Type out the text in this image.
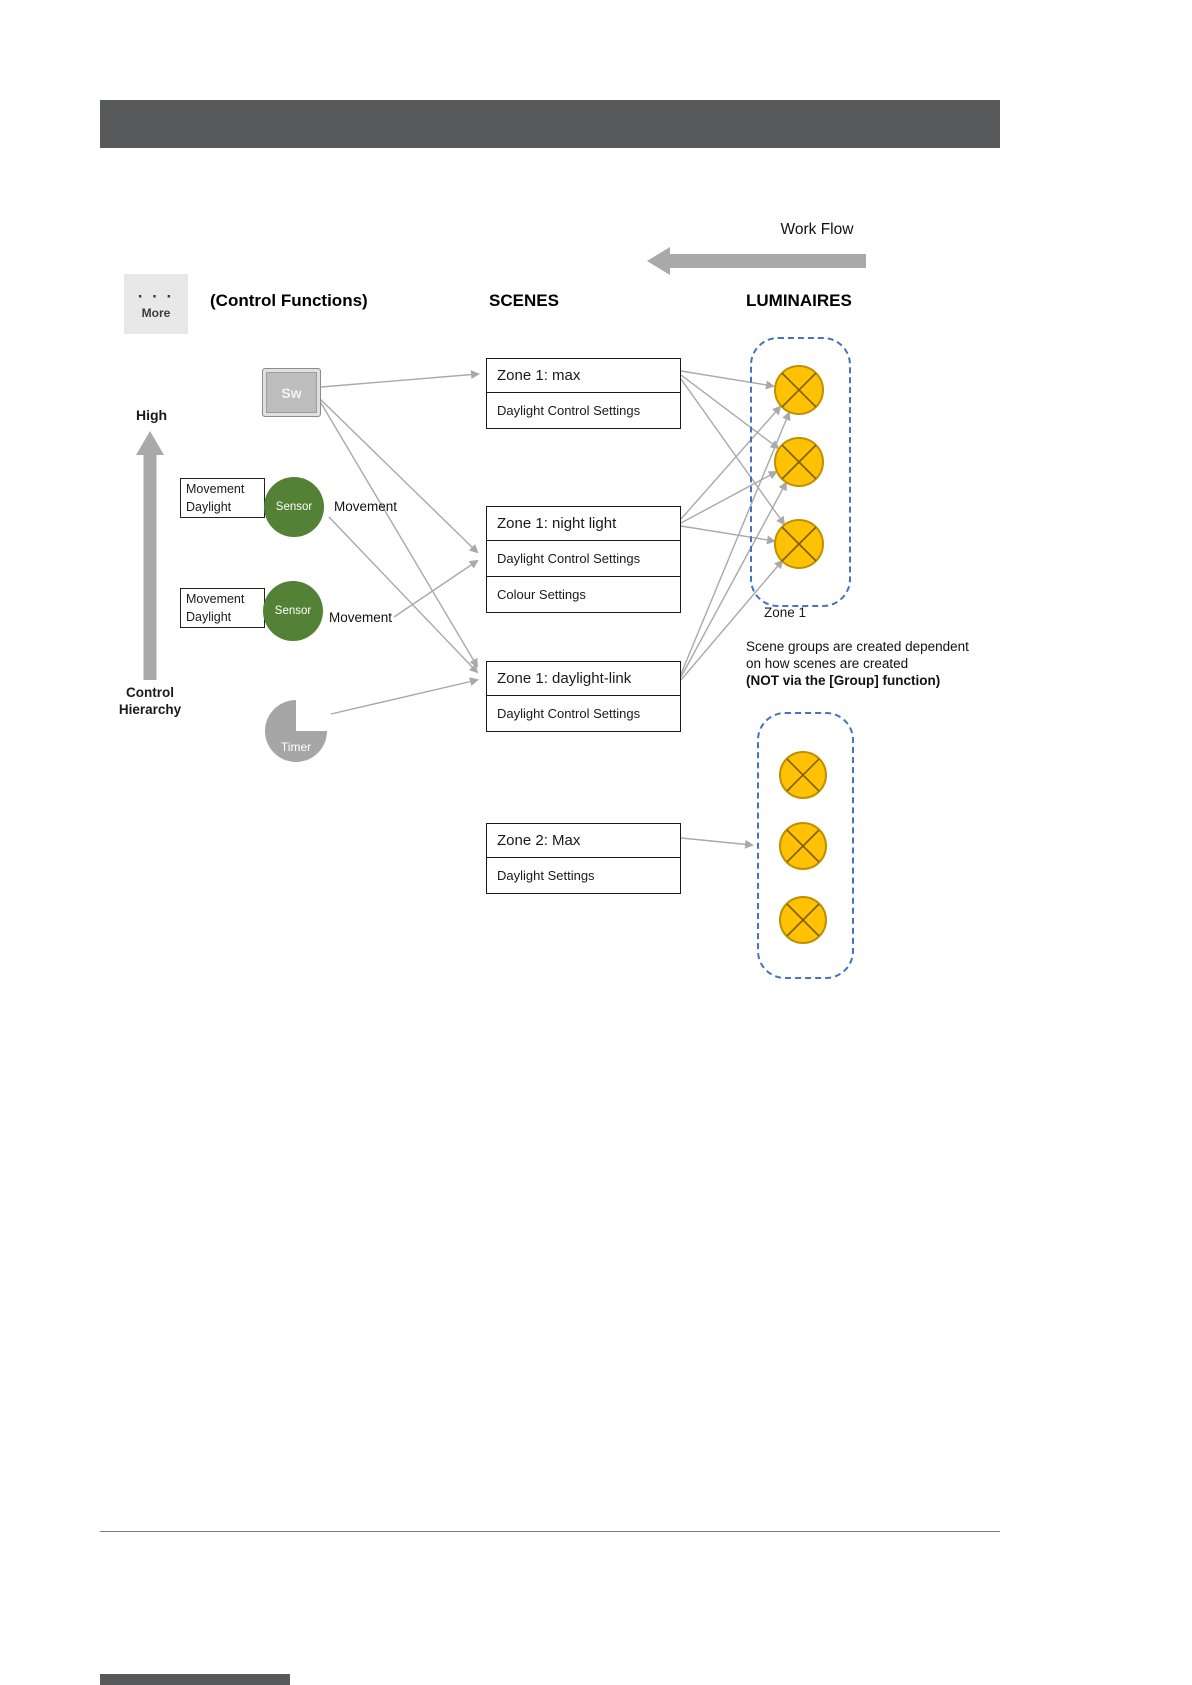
Work Flow
· · ·
More
(Control Functions)	SCENES	LUMINAIRES
High
Control
Hierarchy
Sw
Movement
Daylight	Sensor Movement
Movement
Daylight	Sensor Movement
Timer
Zone 1: max
Daylight Control Settings
Zone 1: night light
Daylight Control Settings
Colour Settings
Zone 1: daylight-link
Daylight Control Settings
Zone 2: Max
Daylight Settings
Zone 1
Scene groups are created dependent
on how scenes are created
(NOT via the [Group] function)
